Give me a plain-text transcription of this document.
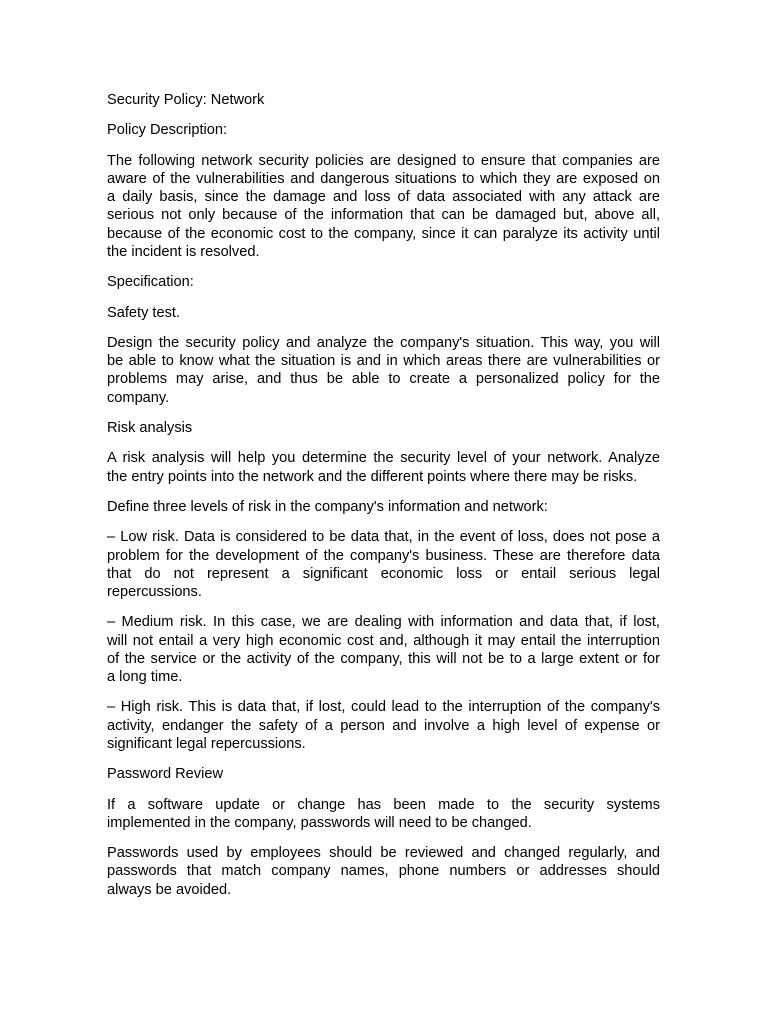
Security Policy: Network
Policy Description:
The following network security policies are designed to ensure that companies are
aware of the vulnerabilities and dangerous situations to which they are exposed on
a daily basis, since the damage and loss of data associated with any attack are
serious not only because of the information that can be damaged but, above all,
because of the economic cost to the company, since it can paralyze its activity until
the incident is resolved.
Specification:
Safety test.
Design the security policy and analyze the company's situation. This way, you will
be able to know what the situation is and in which areas there are vulnerabilities or
problems may arise, and thus be able to create a personalized policy for the
company.
Risk analysis
A risk analysis will help you determine the security level of your network. Analyze
the entry points into the network and the different points where there may be risks.
Define three levels of risk in the company's information and network:
– Low risk. Data is considered to be data that, in the event of loss, does not pose a
problem for the development of the company's business. These are therefore data
that do not represent a significant economic loss or entail serious legal
repercussions.
– Medium risk. In this case, we are dealing with information and data that, if lost,
will not entail a very high economic cost and, although it may entail the interruption
of the service or the activity of the company, this will not be to a large extent or for
a long time.
– High risk. This is data that, if lost, could lead to the interruption of the company's
activity, endanger the safety of a person and involve a high level of expense or
significant legal repercussions.
Password Review
If a software update or change has been made to the security systems
implemented in the company, passwords will need to be changed.
Passwords used by employees should be reviewed and changed regularly, and
passwords that match company names, phone numbers or addresses should
always be avoided.
